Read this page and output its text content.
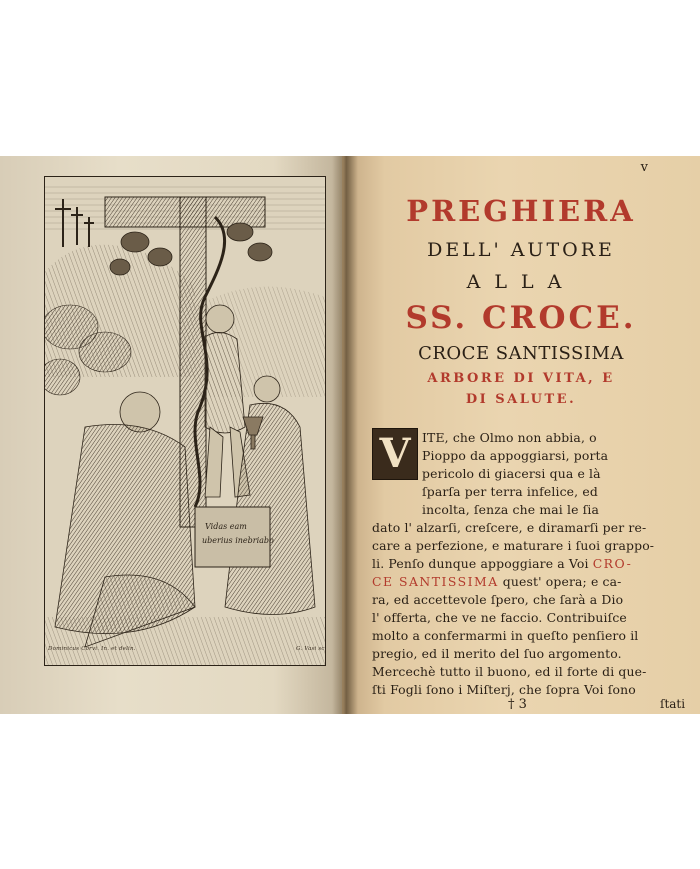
Vidas eam
uberius inebriabo
Dominicus Corvi. In. et delin.	G. Vasi sc.
v
PREGHIERA
DELL' AUTORE
ALLA
SS. CROCE.
CROCE SANTISSIMA
ARBORE DI VITA, E
DI SALUTE.
V ITE, che Olmo non abbia, o
Pioppo da appoggiarsi, porta
pericolo di giacersi qua e là
ſparſa per terra infelice, ed
incolta, ſenza che mai le ſia
dato l' alzarſi, creſcere, e diramarſi per re-
care a perfezione, e maturare i ſuoi grappo-
li. Penſo dunque appoggiare a Voi CRO-
CE SANTISSIMA quest' opera; e ca-
ra, ed accettevole ſpero, che ſarà a Dio
l' offerta, che ve ne faccio. Contribuiſce
molto a confermarmi in queſto penſiero il
pregio, ed il merito del ſuo argomento.
Mercechè tutto il buono, ed il forte di que-
ſti Fogli ſono i Miſterj, che ſopra Voi ſono
† 3	ſtati
